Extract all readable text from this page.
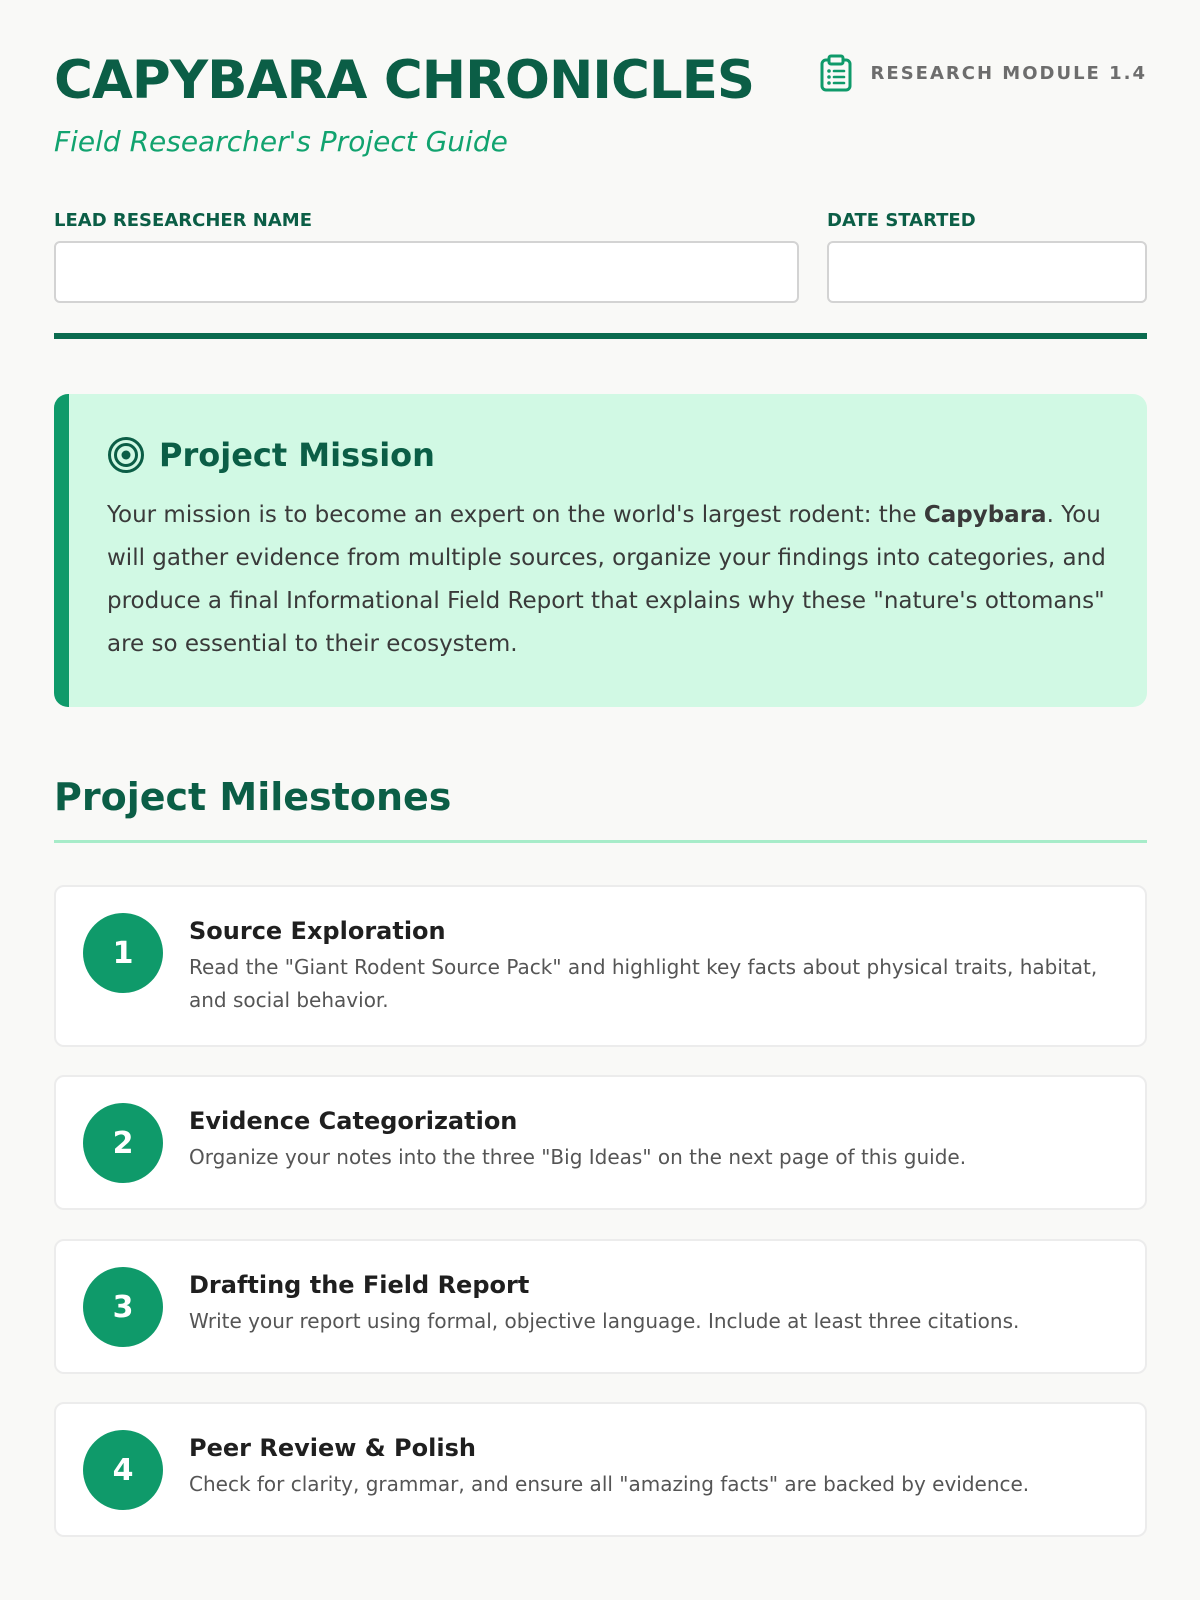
CAPYBARA CHRONICLES
Field Researcher's Project Guide
RESEARCH MODULE 1.4
LEAD RESEARCHER NAME	DATE STARTED
Project Mission

Your mission is to become an expert on the world's largest rodent: the Capybara. You will gather evidence from multiple sources, organize your findings into categories, and produce a final Informational Field Report that explains why these "nature's ottomans" are so essential to their ecosystem.

Project Milestones
1
Source Exploration

Read the "Giant Rodent Source Pack" and highlight key facts about physical traits, habitat, and social behavior.

2
Evidence Categorization

Organize your notes into the three "Big Ideas" on the next page of this guide.

3
Drafting the Field Report

Write your report using formal, objective language. Include at least three citations.

4
Peer Review & Polish

Check for clarity, grammar, and ensure all "amazing facts" are backed by evidence.
